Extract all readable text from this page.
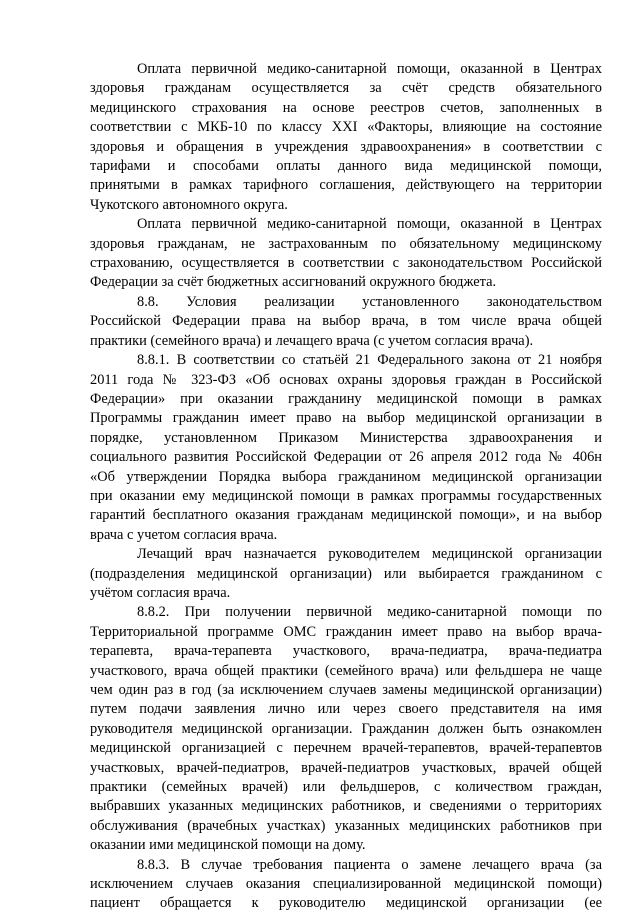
Оплата первичной медико-санитарной помощи, оказанной в Центрах
здоровья гражданам осуществляется за счёт средств обязательного
медицинского страхования на основе реестров счетов, заполненных в
соответствии с МКБ-10 по классу XXI «Факторы, влияющие на состояние
здоровья и обращения в учреждения здравоохранения» в соответствии с
тарифами и способами оплаты данного вида медицинской помощи,
принятыми в рамках тарифного соглашения, действующего на территории
Чукотского автономного округа.

Оплата первичной медико-санитарной помощи, оказанной в Центрах
здоровья гражданам, не застрахованным по обязательному медицинскому
страхованию, осуществляется в соответствии с законодательством Российской
Федерации за счёт бюджетных ассигнований окружного бюджета.

8.8. Условия реализации установленного законодательством
Российской Федерации права на выбор врача, в том числе врача общей
практики (семейного врача) и лечащего врача (с учетом согласия врача).

8.8.1. В соответствии со статьёй 21 Федерального закона от 21 ноября
2011 года № 323-ФЗ «Об основах охраны здоровья граждан в Российской
Федерации» при оказании гражданину медицинской помощи в рамках
Программы гражданин имеет право на выбор медицинской организации в
порядке, установленном Приказом Министерства здравоохранения и
социального развития Российской Федерации от 26 апреля 2012 года № 406н
«Об утверждении Порядка выбора гражданином медицинской организации
при оказании ему медицинской помощи в рамках программы государственных
гарантий бесплатного оказания гражданам медицинской помощи», и на выбор
врача с учетом согласия врача.

Лечащий врач назначается руководителем медицинской организации
(подразделения медицинской организации) или выбирается гражданином с
учётом согласия врача.

8.8.2. При получении первичной медико-санитарной помощи по
Территориальной программе ОМС гражданин имеет право на выбор врача-
терапевта, врача-терапевта участкового, врача-педиатра, врача-педиатра
участкового, врача общей практики (семейного врача) или фельдшера не чаще
чем один раз в год (за исключением случаев замены медицинской организации)
путем подачи заявления лично или через своего представителя на имя
руководителя медицинской организации. Гражданин должен быть ознакомлен
медицинской организацией с перечнем врачей-терапевтов, врачей-терапевтов
участковых, врачей-педиатров, врачей-педиатров участковых, врачей общей
практики (семейных врачей) или фельдшеров, с количеством граждан,
выбравших указанных медицинских работников, и сведениями о территориях
обслуживания (врачебных участках) указанных медицинских работников при
оказании ими медицинской помощи на дому.

8.8.3. В случае требования пациента о замене лечащего врача (за
исключением случаев оказания специализированной медицинской помощи)
пациент обращается к руководителю медицинской организации (ее
